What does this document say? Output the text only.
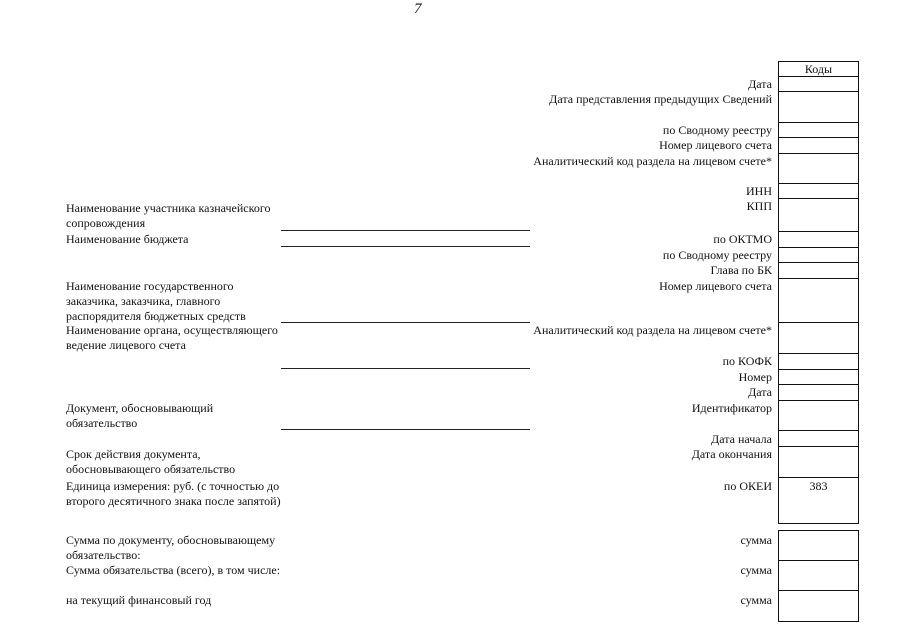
7
Наименование участника казначейского сопровождения
Наименование бюджета
Наименование государственного заказчика, заказчика, главного распорядителя бюджетных средств
Наименование органа, осуществляющего ведение лицевого счета
Документ, обосновывающий обязательство
Срок действия документа, обосновывающего обязательство
Единица измерения: руб. (с точностью до второго десятичного знака после запятой)
Сумма по документу, обосновывающему обязательство:
Сумма обязательства (всего), в том числе:
на текущий финансовый год
Дата
Дата представления предыдущих Сведений
по Сводному реестру
Номер лицевого счета
Аналитический код раздела на лицевом счете*
ИНН
КПП
по ОКТМО
по Сводному реестру
Глава по БК
Номер лицевого счета
Аналитический код раздела на лицевом счете*
по КОФК
Номер
Дата
Идентификатор
Дата начала
Дата окончания
по ОКЕИ
сумма
сумма
сумма
Коды
383
